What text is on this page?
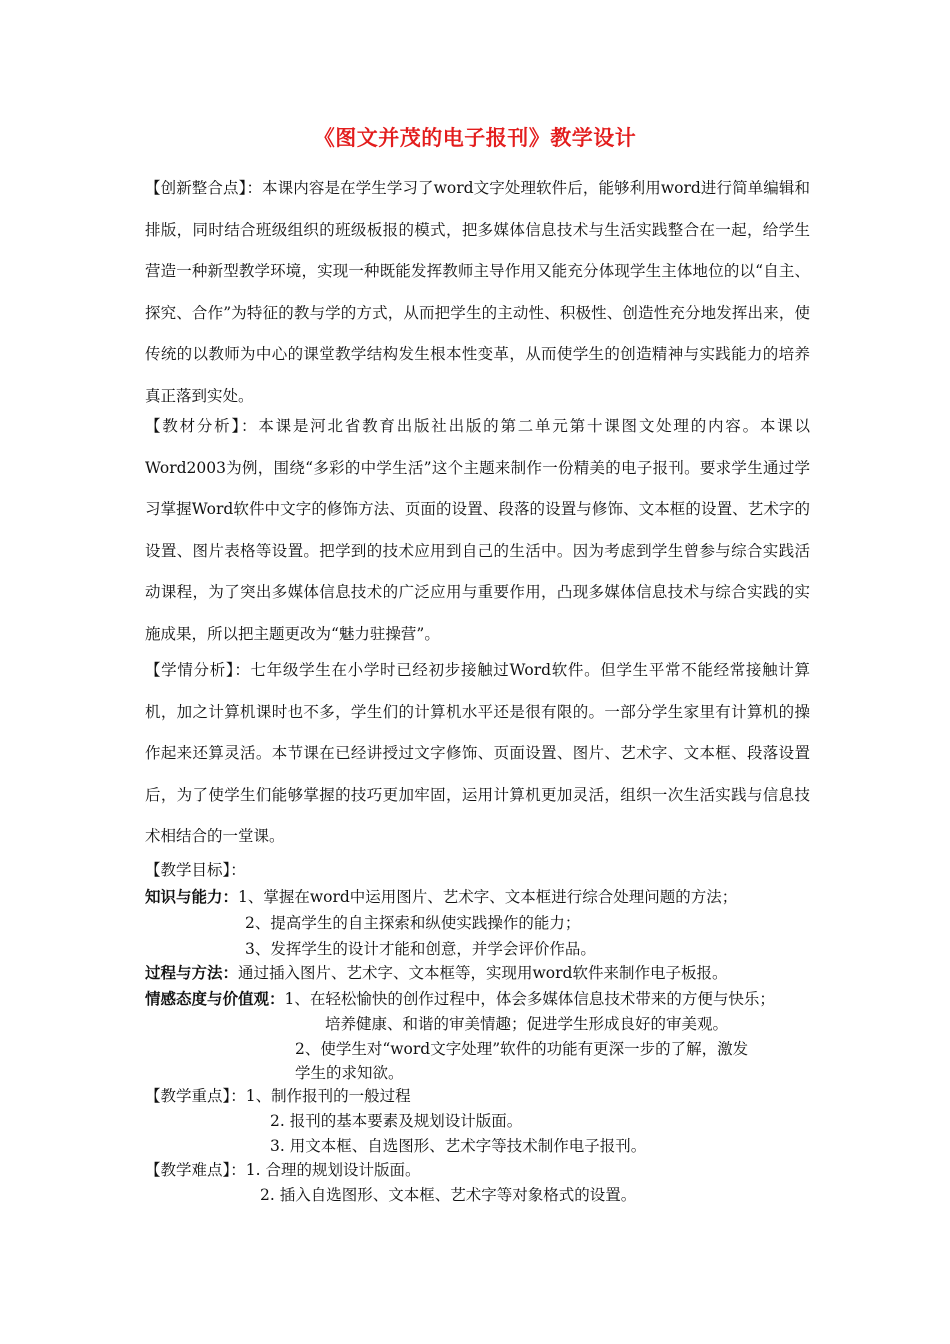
《图文并茂的电子报刊》教学设计
【创新整合点】：本课内容是在学生学习了word文字处理软件后，能够利用word进行简单编辑和排版，同时结合班级组织的班级板报的模式，把多媒体信息技术与生活实践整合在一起，给学生营造一种新型教学环境，实现一种既能发挥教师主导作用又能充分体现学生主体地位的以“自主、探究、合作”为特征的教与学的方式，从而把学生的主动性、积极性、创造性充分地发挥出来，使传统的以教师为中心的课堂教学结构发生根本性变革，从而使学生的创造精神与实践能力的培养真正落到实处。
【教材分析】：本课是河北省教育出版社出版的第二单元第十课图文处理的内容。本课以Word2003为例，围绕“多彩的中学生活”这个主题来制作一份精美的电子报刊。要求学生通过学习掌握Word软件中文字的修饰方法、页面的设置、段落的设置与修饰、文本框的设置、艺术字的设置、图片表格等设置。把学到的技术应用到自己的生活中。因为考虑到学生曾参与综合实践活动课程，为了突出多媒体信息技术的广泛应用与重要作用，凸现多媒体信息技术与综合实践的实施成果，所以把主题更改为“魅力驻操营”。
【学情分析】：七年级学生在小学时已经初步接触过Word软件。但学生平常不能经常接触计算机，加之计算机课时也不多，学生们的计算机水平还是很有限的。一部分学生家里有计算机的操作起来还算灵活。本节课在已经讲授过文字修饰、页面设置、图片、艺术字、文本框、段落设置后，为了使学生们能够掌握的技巧更加牢固，运用计算机更加灵活，组织一次生活实践与信息技术相结合的一堂课。
【教学目标】：
知识与能力：1、掌握在word中运用图片、艺术字、文本框进行综合处理问题的方法；
2、提高学生的自主探索和纵使实践操作的能力；
3、发挥学生的设计才能和创意，并学会评价作品。
过程与方法：通过插入图片、艺术字、文本框等，实现用word软件来制作电子板报。
情感态度与价值观：1、在轻松愉快的创作过程中，体会多媒体信息技术带来的方便与快乐；
培养健康、和谐的审美情趣；促进学生形成良好的审美观。
2、使学生对“word文字处理”软件的功能有更深一步的了解，激发
学生的求知欲。
【教学重点】：1、制作报刊的一般过程
2. 报刊的基本要素及规划设计版面。
3. 用文本框、自选图形、艺术字等技术制作电子报刊。
【教学难点】：1. 合理的规划设计版面。
2. 插入自选图形、文本框、艺术字等对象格式的设置。
